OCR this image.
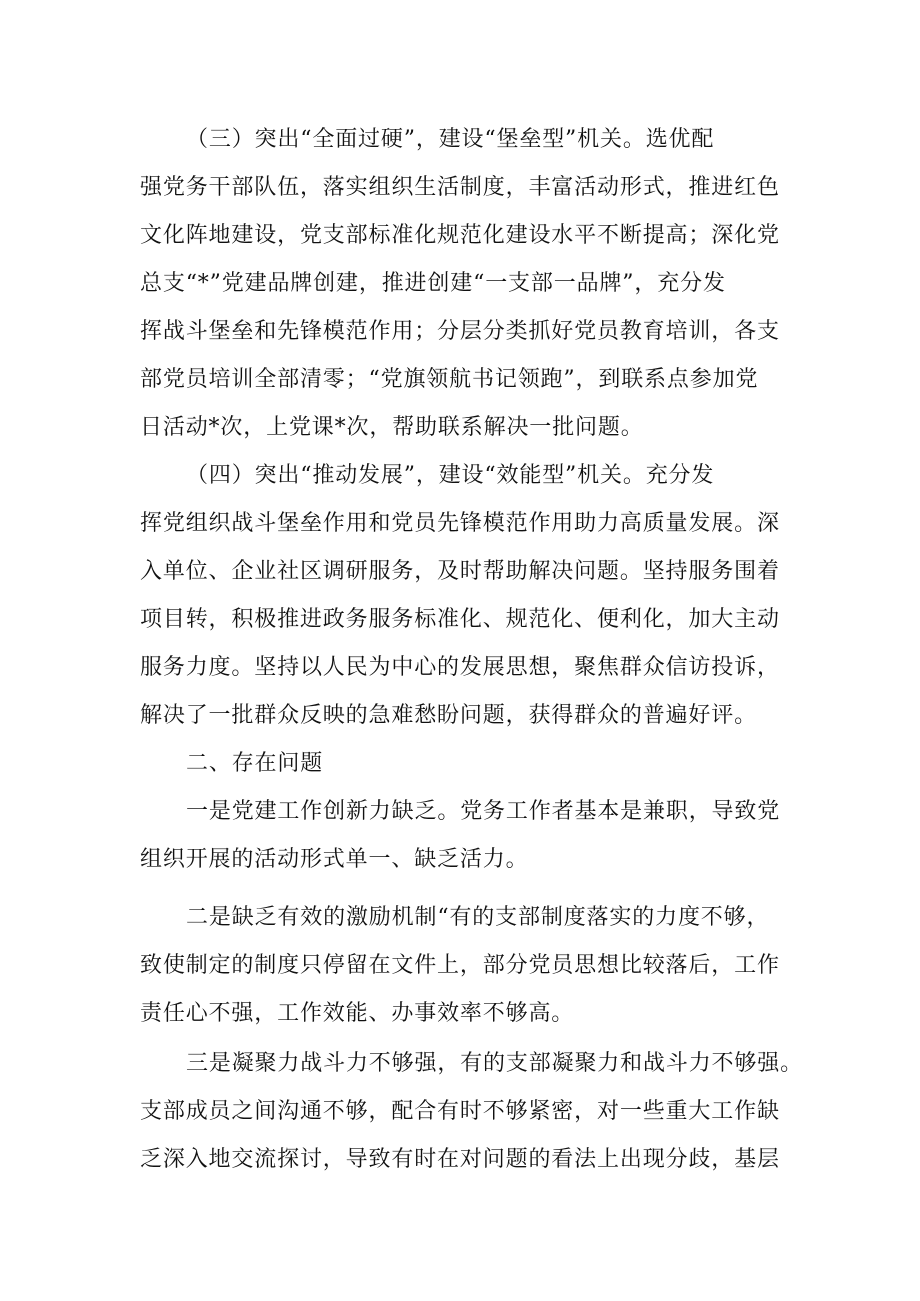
（三）突出“全面过硬”，建设“堡垒型”机关。选优配
强党务干部队伍，落实组织生活制度，丰富活动形式，推进红色
文化阵地建设，党支部标准化规范化建设水平不断提高；深化党
总支“*”党建品牌创建，推进创建“一支部一品牌”，充分发
挥战斗堡垒和先锋模范作用；分层分类抓好党员教育培训，各支
部党员培训全部清零；“党旗领航书记领跑”，到联系点参加党
日活动*次，上党课*次，帮助联系解决一批问题。
（四）突出“推动发展”，建设“效能型”机关。充分发
挥党组织战斗堡垒作用和党员先锋模范作用助力高质量发展。深
入单位、企业社区调研服务，及时帮助解决问题。坚持服务围着
项目转，积极推进政务服务标准化、规范化、便利化，加大主动
服务力度。坚持以人民为中心的发展思想，聚焦群众信访投诉，
解决了一批群众反映的急难愁盼问题，获得群众的普遍好评。
二、存在问题
一是党建工作创新力缺乏。党务工作者基本是兼职，导致党
组织开展的活动形式单一、缺乏活力。
二是缺乏有效的激励机制“有的支部制度落实的力度不够，
致使制定的制度只停留在文件上，部分党员思想比较落后，工作
责任心不强，工作效能、办事效率不够高。
三是凝聚力战斗力不够强，有的支部凝聚力和战斗力不够强。
支部成员之间沟通不够，配合有时不够紧密，对一些重大工作缺
乏深入地交流探讨，导致有时在对问题的看法上出现分歧，基层
